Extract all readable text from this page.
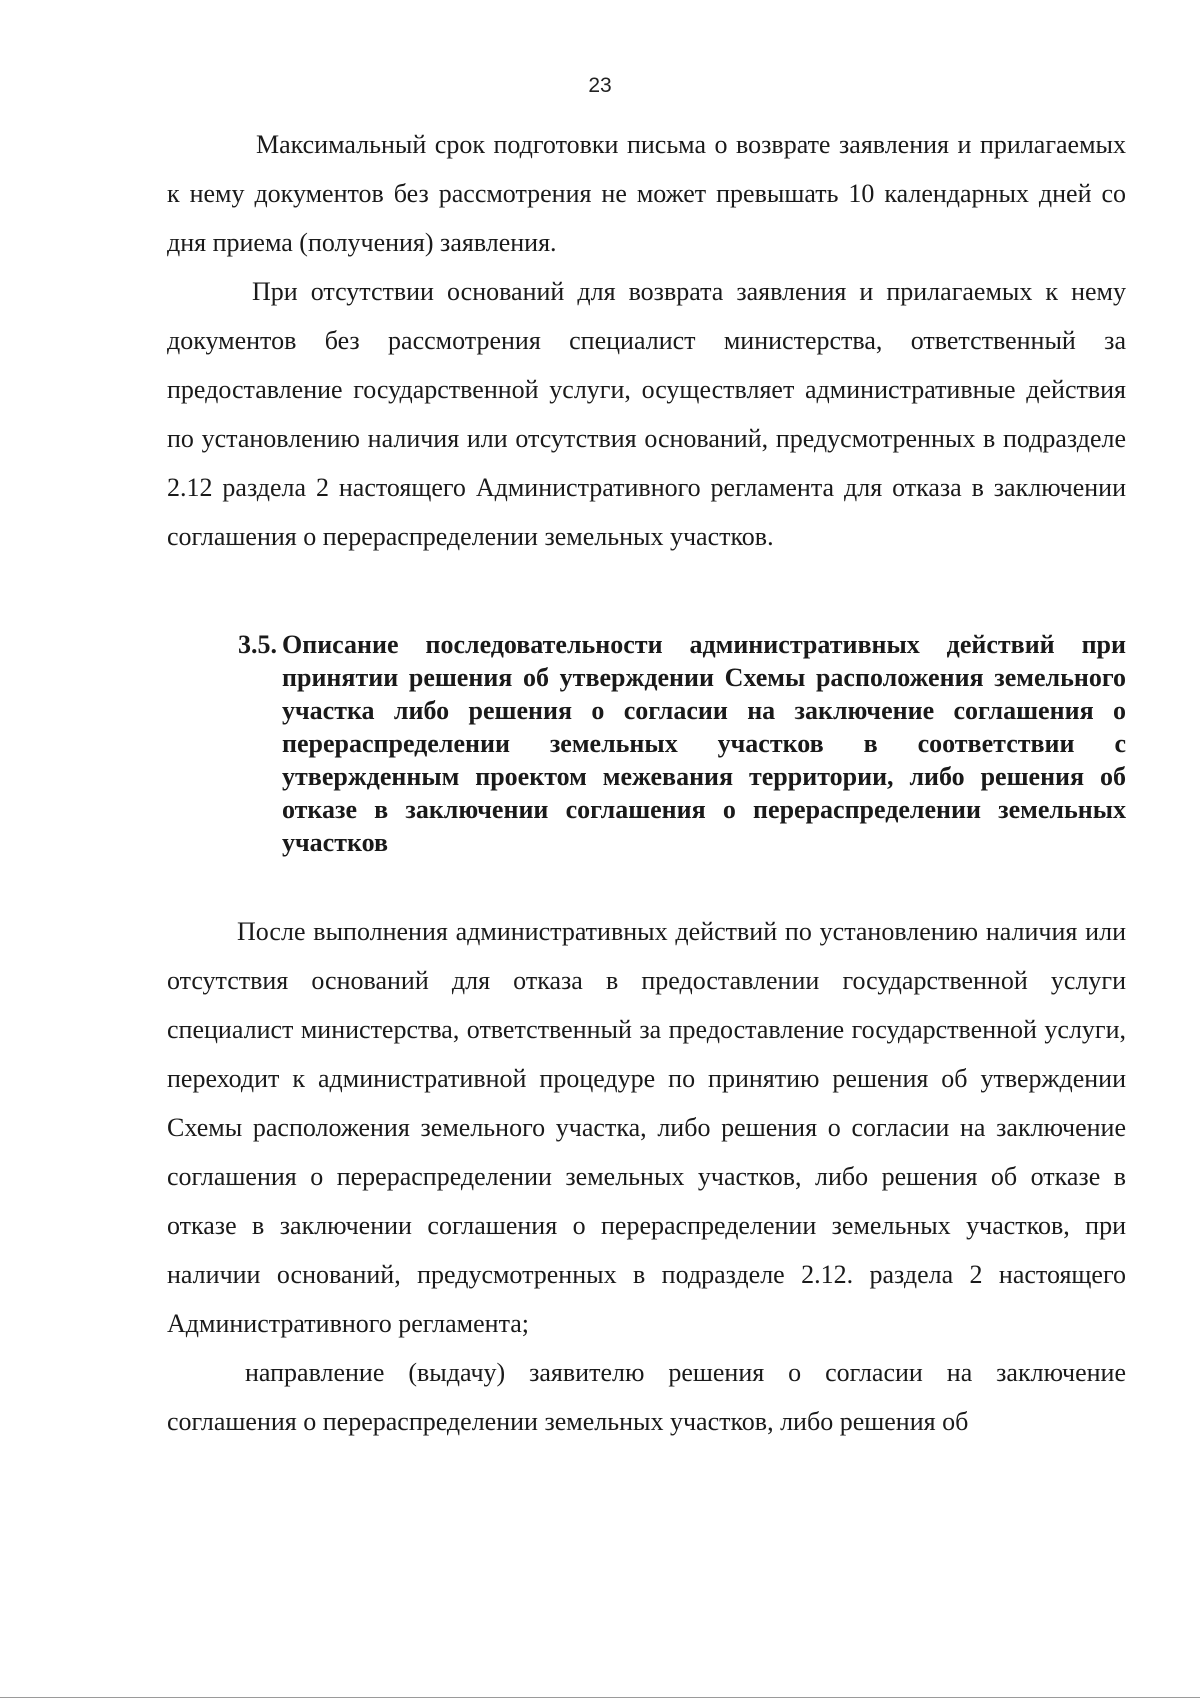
23

Максимальный срок подготовки письма о возврате заявления и прилагаемых к нему документов без рассмотрения не может превышать 10 календарных дней со дня приема (получения) заявления.

При отсутствии оснований для возврата заявления и прилагаемых к нему документов без рассмотрения специалист министерства, ответственный за предоставление государственной услуги, осуществляет административные действия по установлению наличия или отсутствия оснований, предусмотренных в подразделе 2.12 раздела 2 настоящего Административного регламента для отказа в заключении соглашения о перераспределении земельных участков.

3.5. Описание последовательности административных действий при принятии решения об утверждении Схемы расположения земельного участка либо решения о согласии на заключение соглашения о перераспределении земельных участков в соответствии с утвержденным проектом межевания территории, либо решения об отказе в заключении соглашения о перераспределении земельных участков

После выполнения административных действий по установлению наличия или отсутствия оснований для отказа в предоставлении государственной услуги специалист министерства, ответственный за предоставление государственной услуги, переходит к административной процедуре по принятию решения об утверждении Схемы расположения земельного участка, либо решения о согласии на заключение соглашения о перераспределении земельных участков, либо решения об отказе в отказе в заключении соглашения о перераспределении земельных участков, при наличии оснований, предусмотренных в подразделе 2.12. раздела 2 настоящего Административного регламента;

направление (выдачу) заявителю решения о согласии на заключение соглашения о перераспределении земельных участков, либо решения об
